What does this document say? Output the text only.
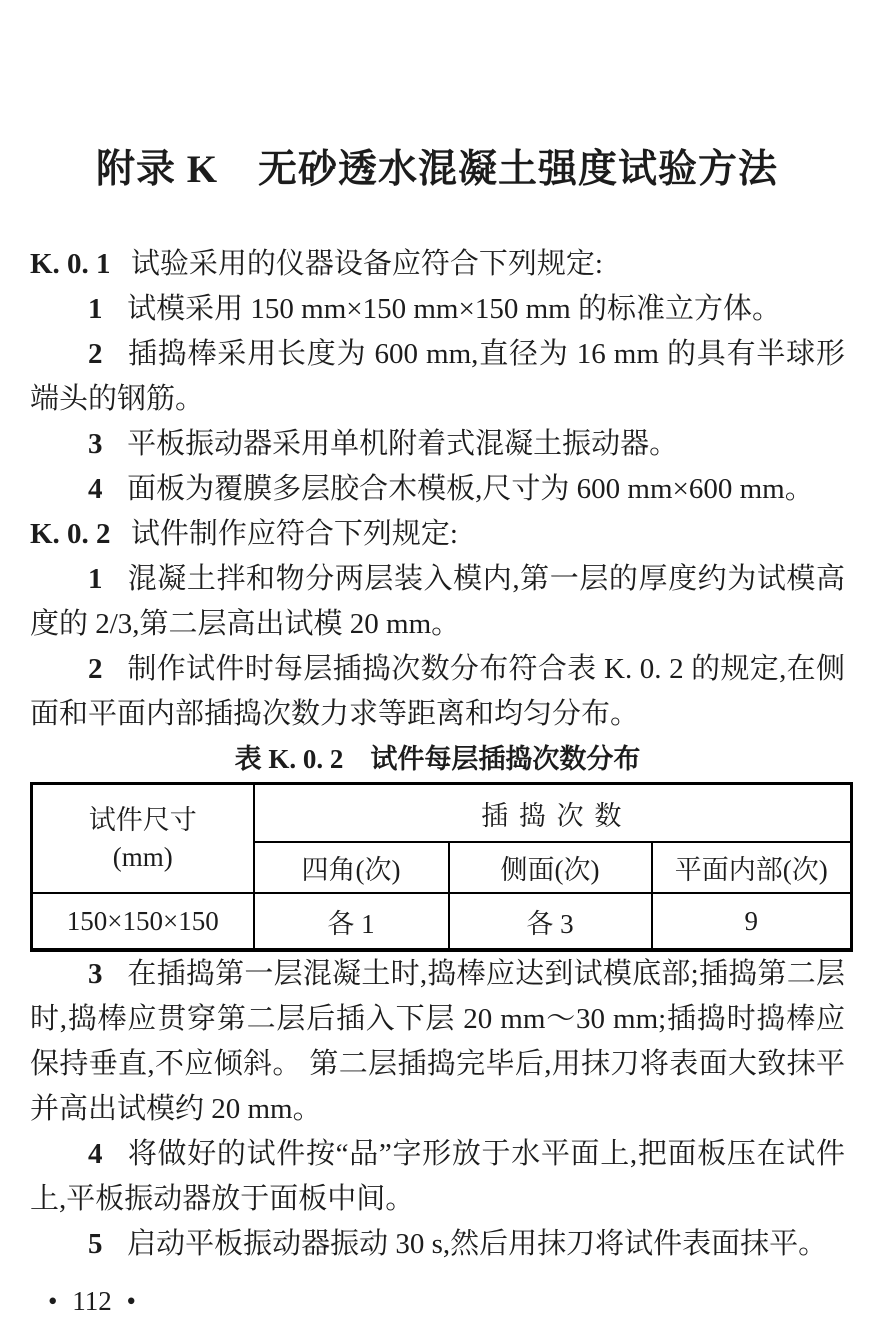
附录 K　无砂透水混凝土强度试验方法

K. 0. 1 试验采用的仪器设备应符合下列规定:

1 试模采用 150 mm×150 mm×150 mm 的标准立方体。

2 插捣棒采用长度为 600 mm,直径为 16 mm 的具有半球形端头的钢筋。

3 平板振动器采用单机附着式混凝土振动器。

4 面板为覆膜多层胶合木模板,尺寸为 600 mm×600 mm。

K. 0. 2 试件制作应符合下列规定:

1 混凝土拌和物分两层装入模内,第一层的厚度约为试模高度的 2/3,第二层高出试模 20 mm。

2 制作试件时每层插捣次数分布符合表 K. 0. 2 的规定,在侧面和平面内部插捣次数力求等距离和均匀分布。

表 K. 0. 2　试件每层插捣次数分布

试件尺寸
(mm)	插 捣 次 数		
	四角(次)	侧面(次)	平面内部(次)
150×150×150	各 1	各 3	9

3 在插捣第一层混凝土时,捣棒应达到试模底部;插捣第二层时,捣棒应贯穿第二层后插入下层 20 mm～30 mm;插捣时捣棒应保持垂直,不应倾斜。 第二层插捣完毕后,用抹刀将表面大致抹平并高出试模约 20 mm。

4 将做好的试件按“品”字形放于水平面上,把面板压在试件上,平板振动器放于面板中间。

5 启动平板振动器振动 30 s,然后用抹刀将试件表面抹平。

• 112 •
